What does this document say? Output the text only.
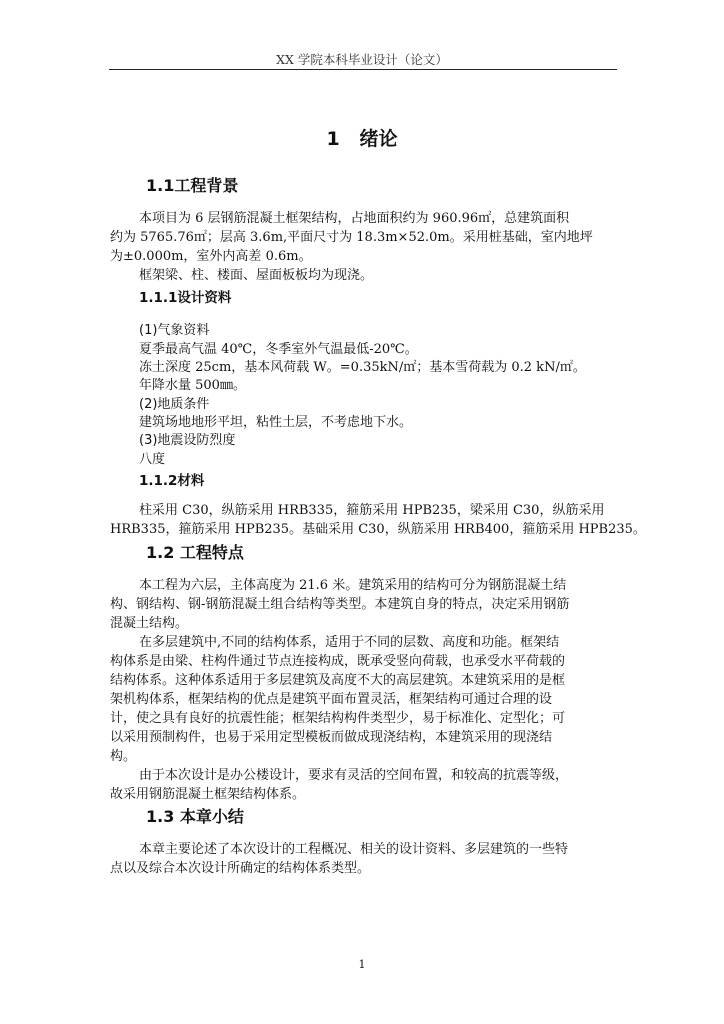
XX 学院本科毕业设计（论文）
1 绪论
1.1工程背景
本项目为 6 层钢筋混凝土框架结构，占地面积约为 960.96㎡，总建筑面积
约为 5765.76㎡；层高 3.6m,平面尺寸为 18.3m×52.0m。采用桩基础，室内地坪
为±0.000m，室外内高差 0.6m。
框架梁、柱、楼面、屋面板板均为现浇。
1.1.1设计资料
(1)气象资料
夏季最高气温 40℃，冬季室外气温最低-20℃。
冻土深度 25cm，基本风荷载 W。=0.35kN/㎡；基本雪荷载为 0.2 kN/㎡。
年降水量 500㎜。
(2)地质条件
建筑场地地形平坦，粘性土层，不考虑地下水。
(3)地震设防烈度
八度
1.1.2材料
柱采用 C30，纵筋采用 HRB335，箍筋采用 HPB235，梁采用 C30，纵筋采用
HRB335，箍筋采用 HPB235。基础采用 C30，纵筋采用 HRB400，箍筋采用 HPB235。
1.2 工程特点
本工程为六层，主体高度为 21.6 米。建筑采用的结构可分为钢筋混凝土结
构、钢结构、钢-钢筋混凝土组合结构等类型。本建筑自身的特点，决定采用钢筋
混凝土结构。
在多层建筑中,不同的结构体系，适用于不同的层数、高度和功能。框架结
构体系是由梁、柱构件通过节点连接构成，既承受竖向荷载，也承受水平荷载的
结构体系。这种体系适用于多层建筑及高度不大的高层建筑。本建筑采用的是框
架机构体系，框架结构的优点是建筑平面布置灵活，框架结构可通过合理的设
计，使之具有良好的抗震性能；框架结构构件类型少，易于标准化、定型化；可
以采用预制构件，也易于采用定型模板而做成现浇结构，本建筑采用的现浇结
构。
由于本次设计是办公楼设计，要求有灵活的空间布置，和较高的抗震等级，
故采用钢筋混凝土框架结构体系。
1.3 本章小结
本章主要论述了本次设计的工程概况、相关的设计资料、多层建筑的一些特
点以及综合本次设计所确定的结构体系类型。
1
